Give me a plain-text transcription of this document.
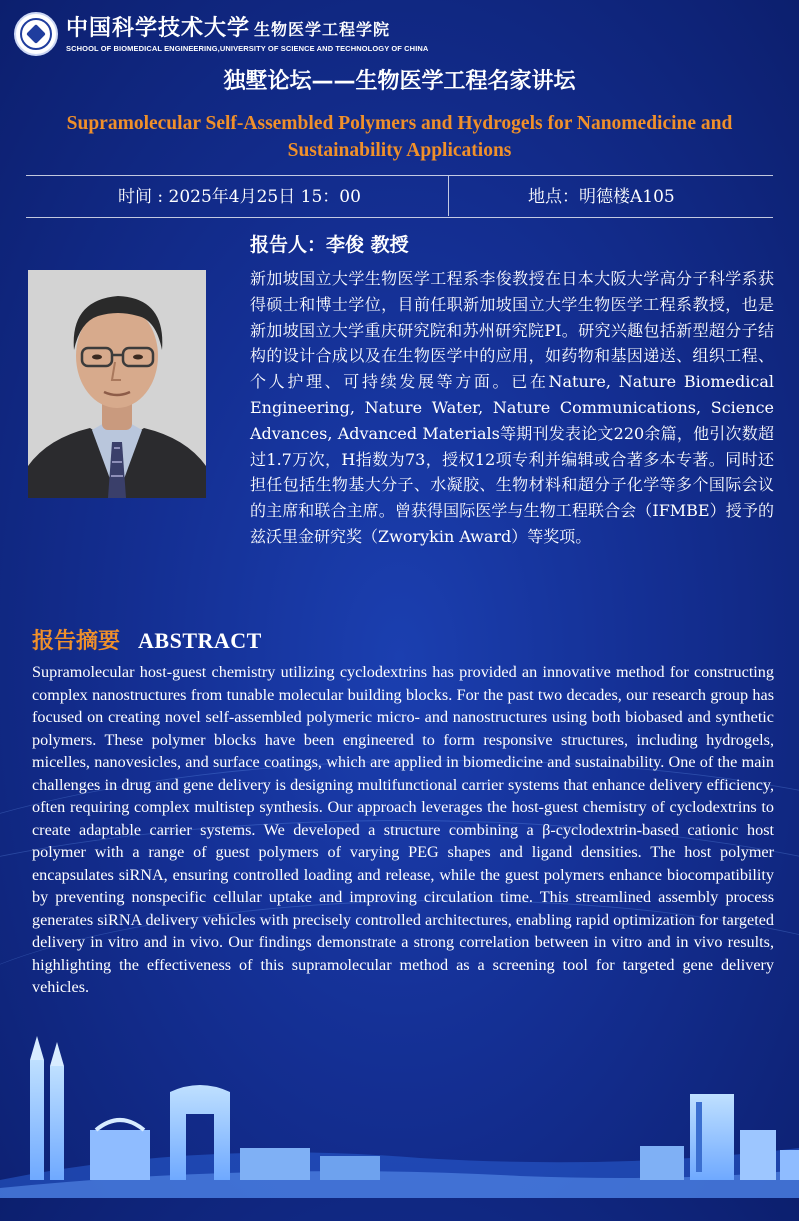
中国科学技术大学 生物医学工程学院
SCHOOL OF BIOMEDICAL ENGINEERING,UNIVERSITY OF SCIENCE AND TECHNOLOGY OF CHINA
独墅论坛——生物医学工程名家讲坛
Supramolecular Self-Assembled Polymers and Hydrogels for Nanomedicine and
Sustainability Applications
时间 : 2025年4月25日 15：00	地点：明德楼A105
报告人：李俊 教授
新加坡国立大学生物医学工程系李俊教授在日本大阪大学高分子科学系获得硕士和博士学位，目前任职新加坡国立大学生物医学工程系教授，也是新加坡国立大学重庆研究院和苏州研究院PI。研究兴趣包括新型超分子结构的设计合成以及在生物医学中的应用，如药物和基因递送、组织工程、个人护理、可持续发展等方面。已在Nature, Nature Biomedical Engineering, Nature Water, Nature Communications, Science Advances, Advanced Materials等期刊发表论文220余篇，他引次数超过1.7万次，H指数为73，授权12项专利并编辑或合著多本专著。同时还担任包括生物基大分子、水凝胶、生物材料和超分子化学等多个国际会议的主席和联合主席。曾获得国际医学与生物工程联合会（IFMBE）授予的兹沃里金研究奖（Zworykin Award）等奖项。
报告摘要 ABSTRACT
Supramolecular host-guest chemistry utilizing cyclodextrins has provided an innovative method for constructing complex nanostructures from tunable molecular building blocks. For the past two decades, our research group has focused on creating novel self-assembled polymeric micro- and nanostructures using both biobased and synthetic polymers. These polymer blocks have been engineered to form responsive structures, including hydrogels, micelles, nanovesicles, and surface coatings, which are applied in biomedicine and sustainability. One of the main challenges in drug and gene delivery is designing multifunctional carrier systems that enhance delivery efficiency, often requiring complex multistep synthesis. Our approach leverages the host-guest chemistry of cyclodextrins to create adaptable carrier systems. We developed a structure combining a β-cyclodextrin-based cationic host polymer with a range of guest polymers of varying PEG shapes and ligand densities. The host polymer encapsulates siRNA, ensuring controlled loading and release, while the guest polymers enhance biocompatibility by preventing nonspecific cellular uptake and improving circulation time. This streamlined assembly process generates siRNA delivery vehicles with precisely controlled architectures, enabling rapid optimization for targeted delivery in vitro and in vivo. Our findings demonstrate a strong correlation between in vitro and in vivo results, highlighting the effectiveness of this supramolecular method as a screening tool for targeted gene delivery vehicles.
